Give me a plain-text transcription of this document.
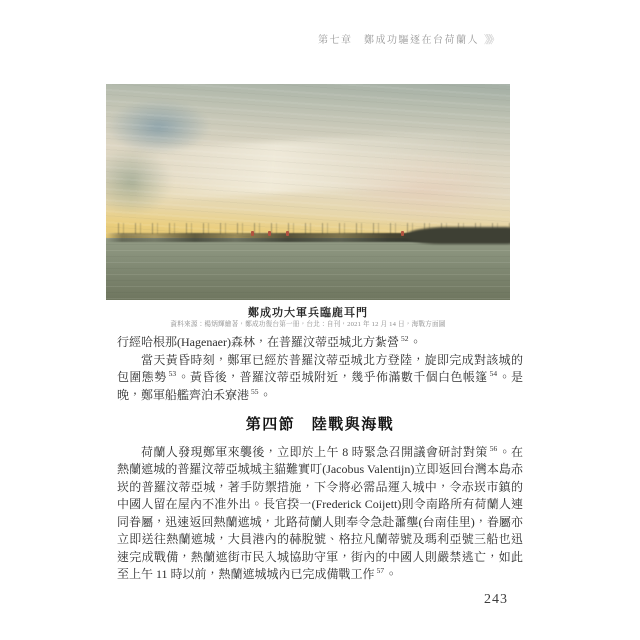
第七章　鄭成功驅逐在台荷蘭人 》》》
鄭成功大軍兵臨鹿耳門
資料來源：楊炳輝繪著，鄭成功復台第一冊，台北：自刊，2021 年 12 月 14 日，海戰方面圖

行經哈根那(Hagenaer)森林，在普羅汶蒂亞城北方紮營 $^{52}$。

當天黃昏時刻，鄭軍已經於普羅汶蒂亞城北方登陸，旋即完成對該城的包圍態勢 $^{53}$。黃昏後，普羅汶蒂亞城附近，幾乎佈滿數千個白色帳篷 $^{54}$。是晚，鄭軍船艦齊泊禾寮港 $^{55}$。

第四節　陸戰與海戰

荷蘭人發現鄭軍來襲後，立即於上午 8 時緊急召開議會研討對策 $^{56}$。在熱蘭遮城的普羅汶蒂亞城城主貓難實叮(Jacobus Valentijn)立即返回台灣本島赤崁的普羅汶蒂亞城，著手防禦措施，下令將必需品運入城中，令赤崁市鎮的中國人留在屋內不准外出。長官揆一(Frederick Coijett)則令南路所有荷蘭人連同眷屬，迅速返回熱蘭遮城，北路荷蘭人則奉令急赴蕭壟(台南佳里)，眷屬亦立即送往熱蘭遮城，大員港內的赫脫號、格拉凡蘭蒂號及瑪利亞號三船也迅速完成戰備，熱蘭遮街市民入城協助守軍，街內的中國人則嚴禁逃亡，如此至上午 11 時以前，熱蘭遮城城內已完成備戰工作 $^{57}$。

243
